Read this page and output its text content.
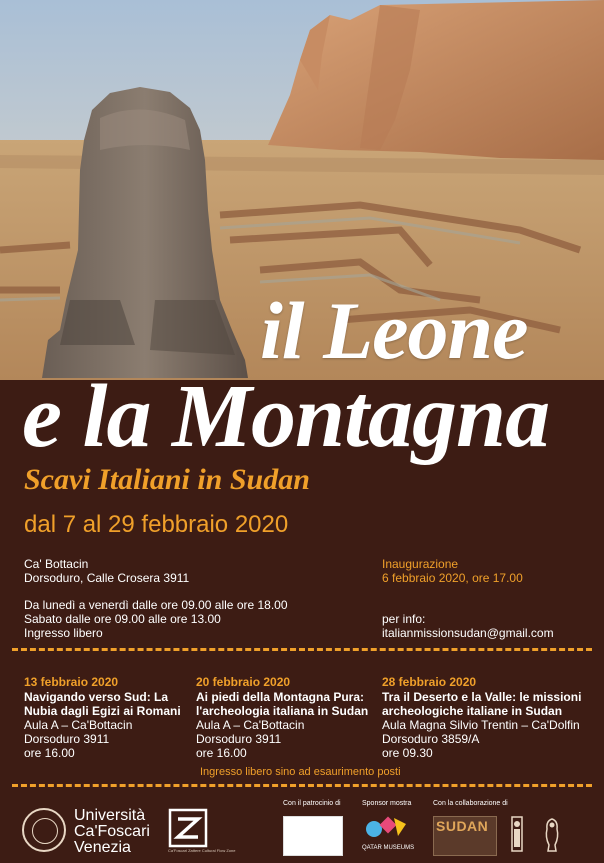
il Leone
e la Montagna
Scavi Italiani in Sudan
dal 7 al 29 febbraio 2020
Ca' Bottacin
Dorsoduro, Calle Crosera 3911
Da lunedì a venerdì dalle ore 09.00 alle ore 18.00
Sabato dalle ore 09.00 alle ore 13.00
Ingresso libero
Inaugurazione
6 febbraio 2020, ore 17.00
per info:
italianmissionsudan@gmail.com
13 febbraio 2020
Navigando verso Sud: La
Nubia dagli Egizi ai Romani
Aula A – Ca'Bottacin
Dorsoduro 3911
ore 16.00
20 febbraio 2020
Ai piedi della Montagna Pura:
l'archeologia italiana in Sudan
Aula A – Ca'Bottacin
Dorsoduro 3911
ore 16.00
28 febbraio 2020
Tra il Deserto e la Valle: le missioni
archeologiche italiane in Sudan
Aula Magna Silvio Trentin – Ca'Dolfin
Dorsoduro 3859/A
ore 09.30
Ingresso libero sino ad esaurimento posti
Università
Ca'Foscari
Venezia	Ca'Foscari Zattere Cultural Flow Zone
Con il patrocinio di	Sponsor mostra
QATAR MUSEUMS
Con la collaborazione di
SUDAN
